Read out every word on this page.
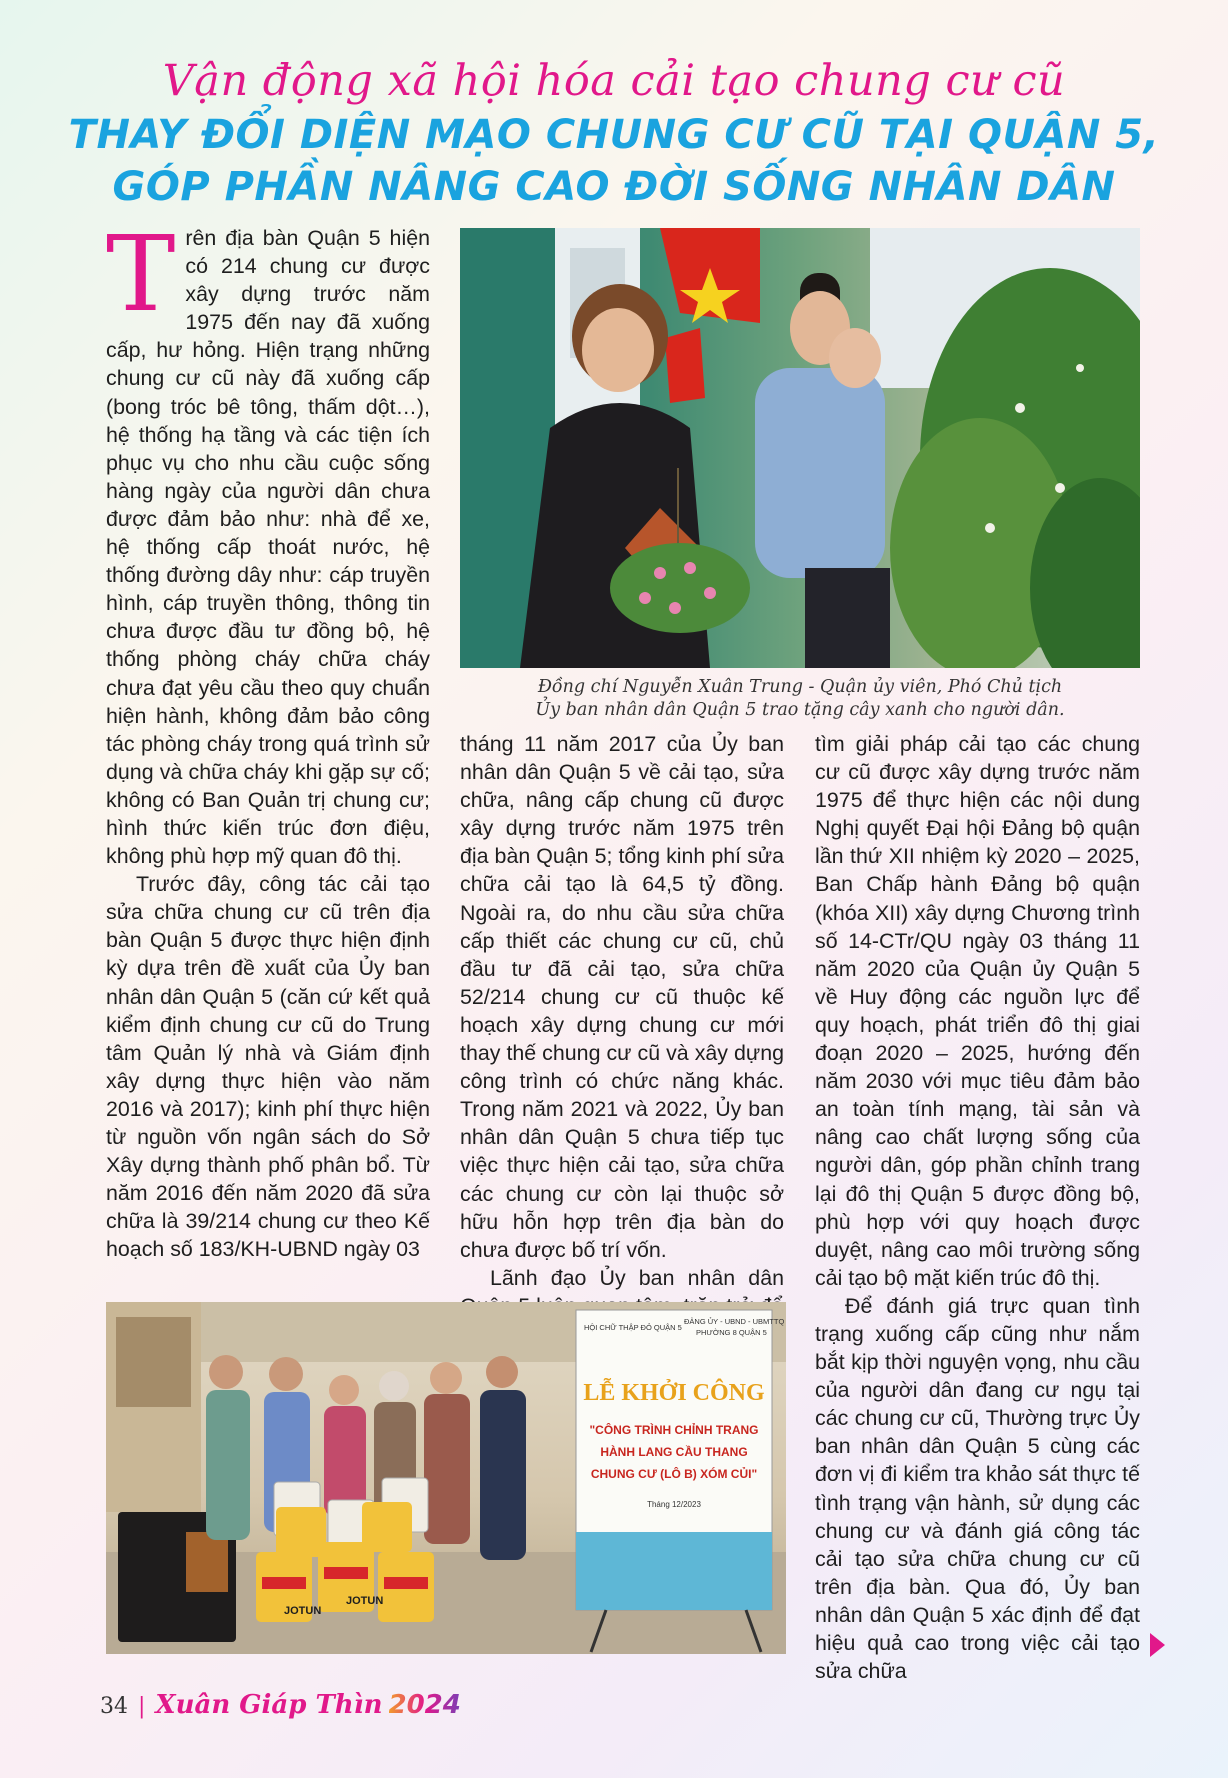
Vận động xã hội hóa cải tạo chung cư cũ
THAY ĐỔI DIỆN MẠO CHUNG CƯ CŨ TẠI QUẬN 5,
GÓP PHẦN NÂNG CAO ĐỜI SỐNG NHÂN DÂN
T rên địa bàn Quận 5 hiện có 214 chung cư được xây dựng trước năm 1975 đến nay đã xuống cấp, hư hỏng. Hiện trạng những chung cư cũ này đã xuống cấp (bong tróc bê tông, thấm dột…), hệ thống hạ tầng và các tiện ích phục vụ cho nhu cầu cuộc sống hàng ngày của người dân chưa được đảm bảo như: nhà để xe, hệ thống cấp thoát nước, hệ thống đường dây như: cáp truyền hình, cáp truyền thông, thông tin chưa được đầu tư đồng bộ, hệ thống phòng cháy chữa cháy chưa đạt yêu cầu theo quy chuẩn hiện hành, không đảm bảo công tác phòng cháy trong quá trình sử dụng và chữa cháy khi gặp sự cố; không có Ban Quản trị chung cư; hình thức kiến trúc đơn điệu, không phù hợp mỹ quan đô thị.

Trước đây, công tác cải tạo sửa chữa chung cư cũ trên địa bàn Quận 5 được thực hiện định kỳ dựa trên đề xuất của Ủy ban nhân dân Quận 5 (căn cứ kết quả kiểm định chung cư cũ do Trung tâm Quản lý nhà và Giám định xây dựng thực hiện vào năm 2016 và 2017); kinh phí thực hiện từ nguồn vốn ngân sách do Sở Xây dựng thành phố phân bổ. Từ năm 2016 đến năm 2020 đã sửa chữa là 39/214 chung cư theo Kế hoạch số 183/KH-UBND ngày 03

Đồng chí Nguyễn Xuân Trung - Quận ủy viên, Phó Chủ tịch
Ủy ban nhân dân Quận 5 trao tặng cây xanh cho người dân.

tháng 11 năm 2017 của Ủy ban nhân dân Quận 5 về cải tạo, sửa chữa, nâng cấp chung cũ được xây dựng trước năm 1975 trên địa bàn Quận 5; tổng kinh phí sửa chữa cải tạo là 64,5 tỷ đồng. Ngoài ra, do nhu cầu sửa chữa cấp thiết các chung cư cũ, chủ đầu tư đã cải tạo, sửa chữa 52/214 chung cư cũ thuộc kế hoạch xây dựng chung cư mới thay thế chung cư cũ và xây dựng công trình có chức năng khác. Trong năm 2021 và 2022, Ủy ban nhân dân Quận 5 chưa tiếp tục việc thực hiện cải tạo, sửa chữa các chung cư còn lại thuộc sở hữu hỗn hợp trên địa bàn do chưa được bố trí vốn.

Lãnh đạo Ủy ban nhân dân

tìm giải pháp cải tạo các chung cư cũ được xây dựng trước năm 1975 để thực hiện các nội dung Nghị quyết Đại hội Đảng bộ quận lần thứ XII nhiệm kỳ 2020 – 2025, Ban Chấp hành Đảng bộ quận (khóa XII) xây dựng Chương trình số 14-CTr/QU ngày 03 tháng 11 năm 2020 của Quận ủy Quận 5 về Huy động các nguồn lực để quy hoạch, phát triển đô thị giai đoạn 2020 – 2025, hướng đến năm 2030 với mục tiêu đảm bảo an toàn tính mạng, tài sản và nâng cao chất lượng sống của người dân, góp phần chỉnh trang lại đô thị Quận 5 được đồng bộ, phù hợp với quy hoạch được duyệt, nâng cao môi trường sống cải tạo bộ mặt kiến trúc đô thị.

Để đánh giá trực quan tình trạng xuống cấp cũng như nắm bắt kịp thời nguyện vọng, nhu cầu của người dân đang cư ngụ tại các chung cư cũ, Thường trực Ủy ban nhân dân Quận 5 cùng các đơn vị đi kiểm tra khảo sát thực tế tình trạng vận hành, sử dụng các chung cư và đánh giá công tác cải tạo sửa chữa chung cư cũ trên địa bàn. Qua đó, Ủy ban nhân dân Quận 5 xác định để đạt hiệu quả cao trong việc cải tạo sửa chữa

JOTUN
JOTUN
HỘI CHỮ THẬP ĐỎ QUẬN 5
ĐẢNG ỦY - UBND - UBMTTQ
PHƯỜNG 8 QUẬN 5
LỄ KHỞI CÔNG
"CÔNG TRÌNH CHỈNH TRANG
HÀNH LANG CẦU THANG
CHUNG CƯ (LÔ B) XÓM CỦI"
Tháng 12/2023
34 | Xuân Giáp Thìn 2024
